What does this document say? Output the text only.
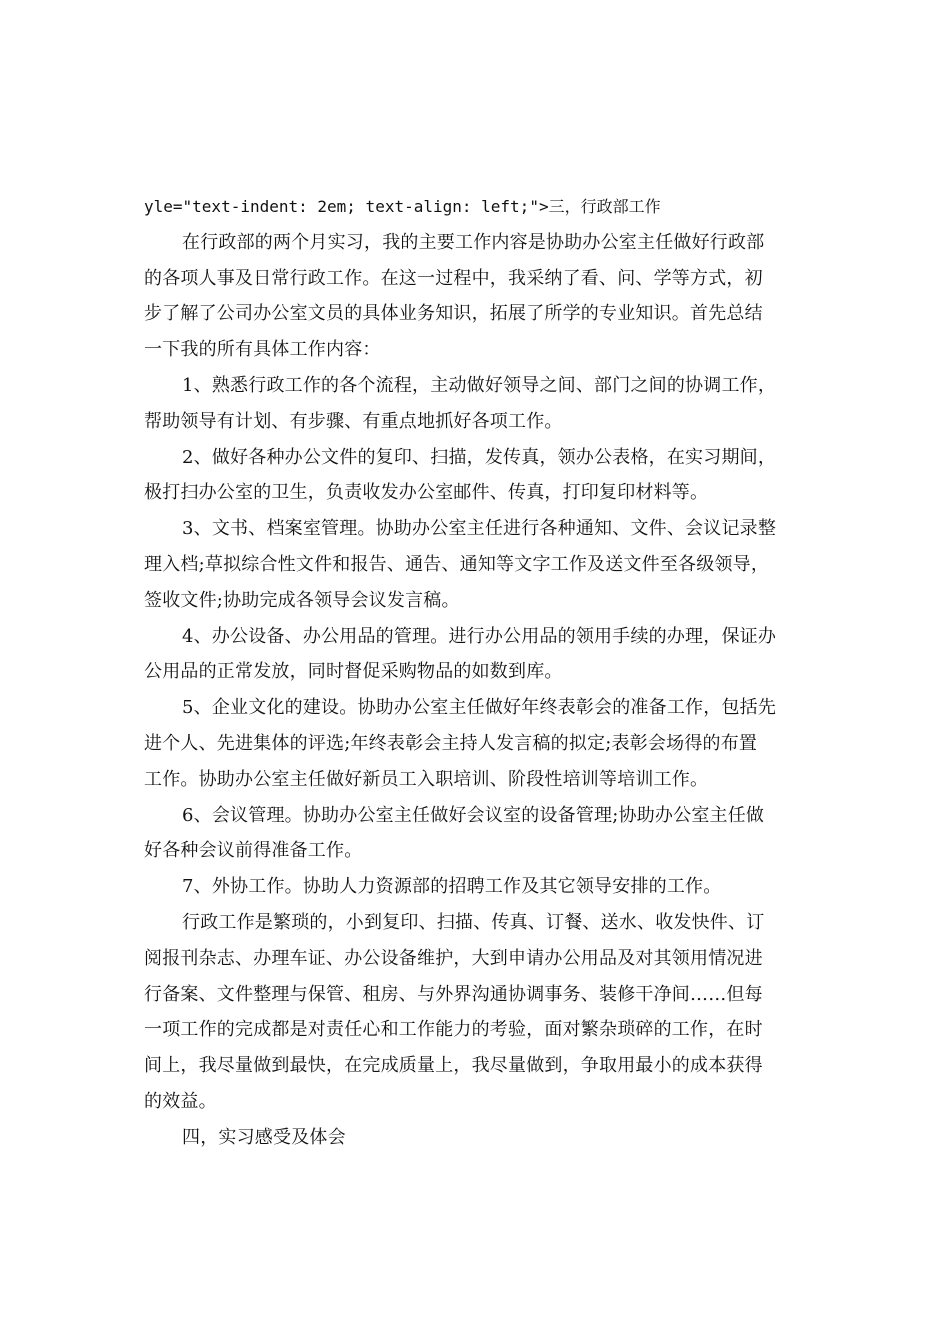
yle="text-indent: 2em; text-align: left;">三，行政部工作

在行政部的两个月实习，我的主要工作内容是协助办公室主任做好行政部

的各项人事及日常行政工作。在这一过程中，我采纳了看、问、学等方式，初

步了解了公司办公室文员的具体业务知识，拓展了所学的专业知识。首先总结

一下我的所有具体工作内容：

1、熟悉行政工作的各个流程，主动做好领导之间、部门之间的协调工作，

帮助领导有计划、有步骤、有重点地抓好各项工作。

2、做好各种办公文件的复印、扫描，发传真，领办公表格，在实习期间，

极打扫办公室的卫生，负责收发办公室邮件、传真，打印复印材料等。

3、文书、档案室管理。协助办公室主任进行各种通知、文件、会议记录整

理入档;草拟综合性文件和报告、通告、通知等文字工作及送文件至各级领导，

签收文件;协助完成各领导会议发言稿。

4、办公设备、办公用品的管理。进行办公用品的领用手续的办理，保证办

公用品的正常发放，同时督促采购物品的如数到库。

5、企业文化的建设。协助办公室主任做好年终表彰会的准备工作，包括先

进个人、先进集体的评选;年终表彰会主持人发言稿的拟定;表彰会场得的布置

工作。协助办公室主任做好新员工入职培训、阶段性培训等培训工作。

6、会议管理。协助办公室主任做好会议室的设备管理;协助办公室主任做

好各种会议前得准备工作。

7、外协工作。协助人力资源部的招聘工作及其它领导安排的工作。

行政工作是繁琐的，小到复印、扫描、传真、订餐、送水、收发快件、订

阅报刊杂志、办理车证、办公设备维护，大到申请办公用品及对其领用情况进

行备案、文件整理与保管、租房、与外界沟通协调事务、装修干净间……但每

一项工作的完成都是对责任心和工作能力的考验，面对繁杂琐碎的工作，在时

间上，我尽量做到最快，在完成质量上，我尽量做到，争取用最小的成本获得

的效益。

四，实习感受及体会
